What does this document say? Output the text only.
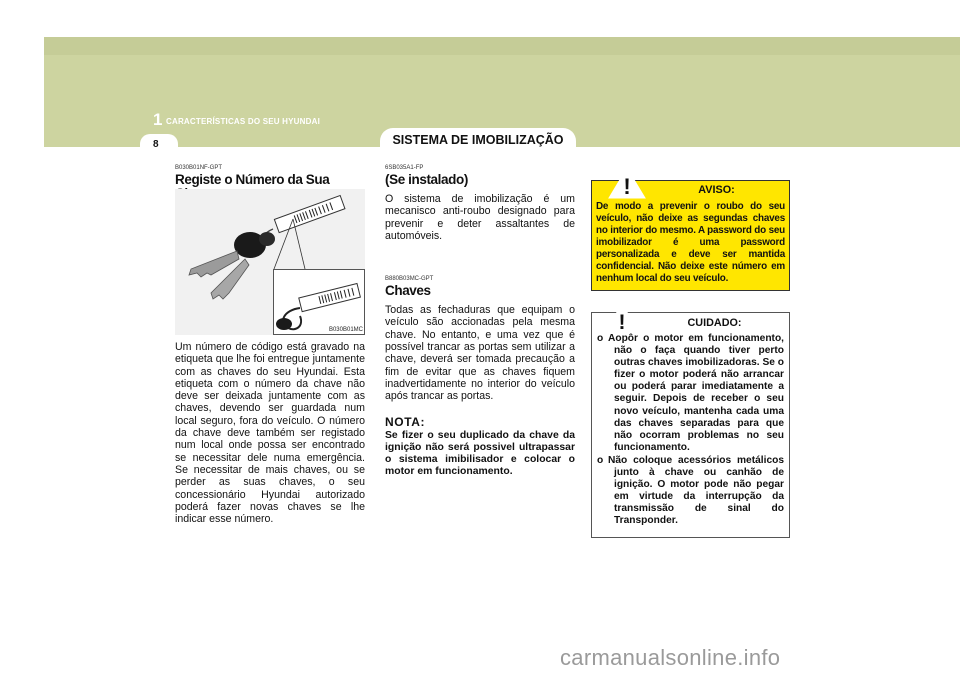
1 CARACTERÍSTICAS DO SEU HYUNDAI
8	SISTEMA DE IMOBILIZAÇÃO
B030B01NF-GPT
Registe o Número da Sua
B030B01MC
Um número de código está gravado na etiqueta que lhe foi entregue juntamente com as chaves do seu Hyundai. Esta etiqueta com o número da chave não deve ser deixada juntamente com as chaves, devendo ser guardada num local seguro, fora do veículo. O número da chave deve também ser registado num local onde possa ser encontrado se necessitar dele numa emergência. Se necessitar de mais chaves, ou se perder as suas chaves, o seu concessionário Hyundai autorizado poderá fazer novas chaves se lhe indicar esse número.
6SB035A1-FP
(Se instalado)
O sistema de imobilização é um mecanisco anti-roubo designado para prevenir e deter assaltantes de automóveis.
B880B03MC-GPT
Chaves
Todas as fechaduras que equipam o veículo são accionadas pela mesma chave. No entanto, e uma vez que é possível trancar as portas sem utilizar a chave, deverá ser tomada precaução a fim de evitar que as chaves fiquem inadvertidamente no interior do veículo após trancar as portas.
NOTA:
Se fizer o seu duplicado da chave da ignição não será possivel ultrapassar o sistema imibilisador e colocar o motor em funcionamento.
AVISO:
De modo a prevenir o roubo do seu veículo, não deixe as segundas chaves no interior do mesmo. A password do seu imobilizador é uma password personalizada e deve ser mantida confidencial. Não deixe este número em nenhum local do seu veículo.
!
CUIDADO:
o Aopôr o motor em funcionamento, não o faça quando tiver perto outras chaves imobilizadoras. Se o fizer o motor poderá não arrancar ou poderá parar imediatamente a seguir. Depois de receber o seu novo veículo, mantenha cada uma das chaves separadas para que não ocorram problemas no seu funcionamento.
o Não coloque acessórios metálicos junto à chave ou canhão de ignição. O motor pode não pegar em virtude da interrupção da transmissão de sinal do Transponder.
!
carmanualsonline.info
